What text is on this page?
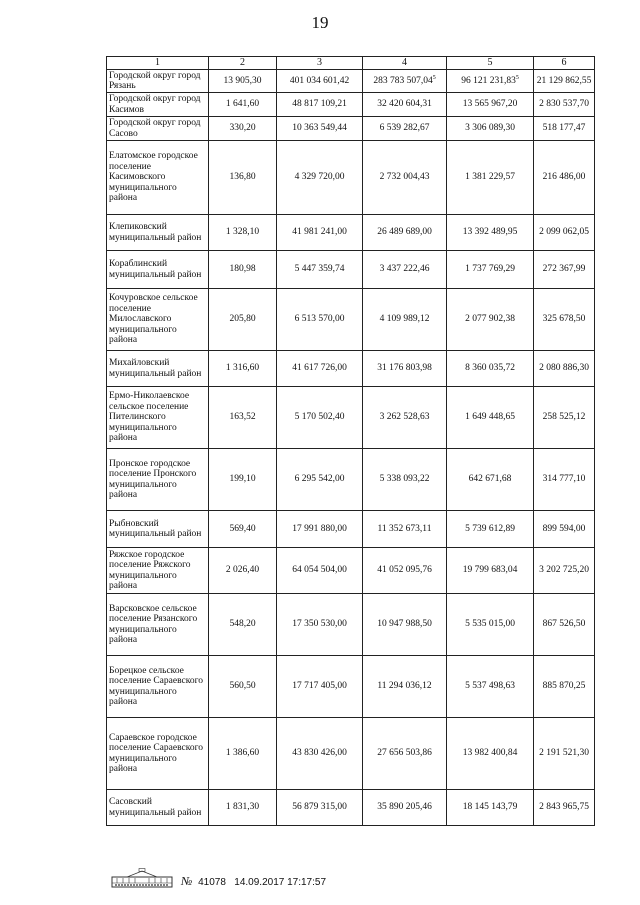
19
1	2	3	4	5	6
Городской округ город Рязань	13 905,30	401 034 601,42	283 783 507,04$^5$	96 121 231,83$^5$	21 129 862,55
Городской округ город Касимов	1 641,60	48 817 109,21	32 420 604,31	13 565 967,20	2 830 537,70
Городской округ город Сасово	330,20	10 363 549,44	6 539 282,67	3 306 089,30	518 177,47
Елатомское городское поселение Касимовского муниципального района	136,80	4 329 720,00	2 732 004,43	1 381 229,57	216 486,00
Клепиковский муниципальный район	1 328,10	41 981 241,00	26 489 689,00	13 392 489,95	2 099 062,05
Кораблинский муниципальный район	180,98	5 447 359,74	3 437 222,46	1 737 769,29	272 367,99
Кочуровское сельское поселение Милославского муниципального района	205,80	6 513 570,00	4 109 989,12	2 077 902,38	325 678,50
Михайловский муниципальный район	1 316,60	41 617 726,00	31 176 803,98	8 360 035,72	2 080 886,30
Ермо-Николаевское сельское поселение Пителинского муниципального района	163,52	5 170 502,40	3 262 528,63	1 649 448,65	258 525,12
Пронское городское поселение Пронского муниципального района	199,10	6 295 542,00	5 338 093,22	642 671,68	314 777,10
Рыбновский муниципальный район	569,40	17 991 880,00	11 352 673,11	5 739 612,89	899 594,00
Ряжское городское поселение Ряжского муниципального района	2 026,40	64 054 504,00	41 052 095,76	19 799 683,04	3 202 725,20
Варсковское сельское поселение Рязанского муниципального района	548,20	17 350 530,00	10 947 988,50	5 535 015,00	867 526,50
Борецкое сельское поселение Сараевского муниципального района	560,50	17 717 405,00	11 294 036,12	5 537 498,63	885 870,25
Сараевское городское поселение Сараевского муниципального района	1 386,60	43 830 426,00	27 656 503,86	13 982 400,84	2 191 521,30
Сасовский муниципальный район	1 831,30	56 879 315,00	35 890 205,46	18 145 143,79	2 843 965,75
№ 41078 14.09.2017 17:17:57
